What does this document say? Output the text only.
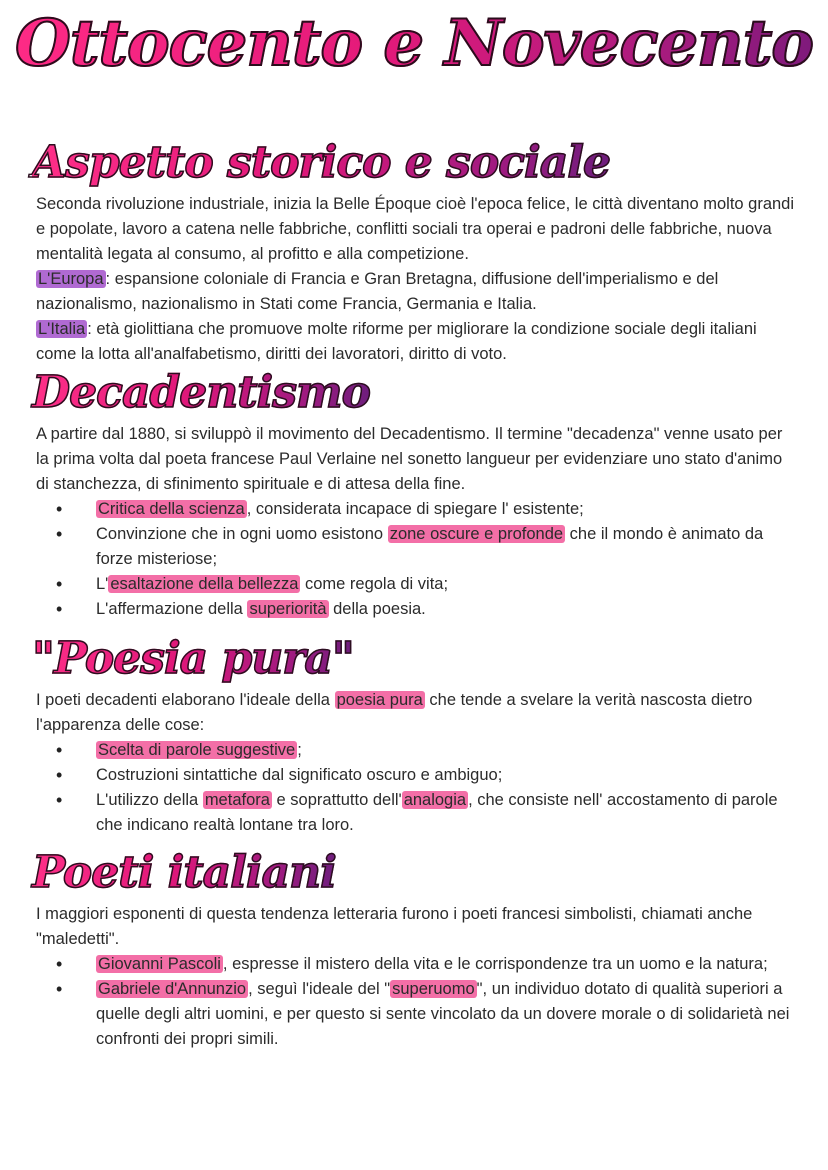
Ottocento e Novecento
Aspetto storico e sociale

Seconda rivoluzione industriale, inizia la Belle Époque cioè l'epoca felice, le città diventano molto grandi e popolate, lavoro a catena nelle fabbriche, conflitti sociali tra operai e padroni delle fabbriche, nuova mentalità legata al consumo, al profitto e alla competizione.
L'Europa : espansione coloniale di Francia e Gran Bretagna, diffusione dell'imperialismo e del nazionalismo, nazionalismo in Stati come Francia, Germania e Italia.
L'Italia : età giolittiana che promuove molte riforme per migliorare la condizione sociale degli italiani come la lotta all'analfabetismo, diritti dei lavoratori, diritto di voto.

Decadentismo

A partire dal 1880, si sviluppò il movimento del Decadentismo. Il termine "decadenza" venne usato per la prima volta dal poeta francese Paul Verlaine nel sonetto langueur per evidenziare uno stato d'animo di stanchezza, di sfinimento spirituale e di attesa della fine.

• Critica della scienza , considerata incapace di spiegare l' esistente;
• Convinzione che in ogni uomo esistono zone oscure e profonde che il mondo è animato da forze misteriose;
• L' esaltazione della bellezza come regola di vita;
• L'affermazione della superiorità della poesia.
"Poesia pura"

I poeti decadenti elaborano l'ideale della poesia pura che tende a svelare la verità nascosta dietro l'apparenza delle cose:

• Scelta di parole suggestive ;
• Costruzioni sintattiche dal significato oscuro e ambiguo;
• L'utilizzo della metafora e soprattutto dell' analogia , che consiste nell' accostamento di parole che indicano realtà lontane tra loro.
Poeti italiani

I maggiori esponenti di questa tendenza letteraria furono i poeti francesi simbolisti, chiamati anche "maledetti".

• Giovanni Pascoli , espresse il mistero della vita e le corrispondenze tra un uomo e la natura;
• Gabriele d'Annunzio , seguì l'ideale del " superuomo ", un individuo dotato di qualità superiori a quelle degli altri uomini, e per questo si sente vincolato da un dovere morale o di solidarietà nei confronti dei propri simili.
